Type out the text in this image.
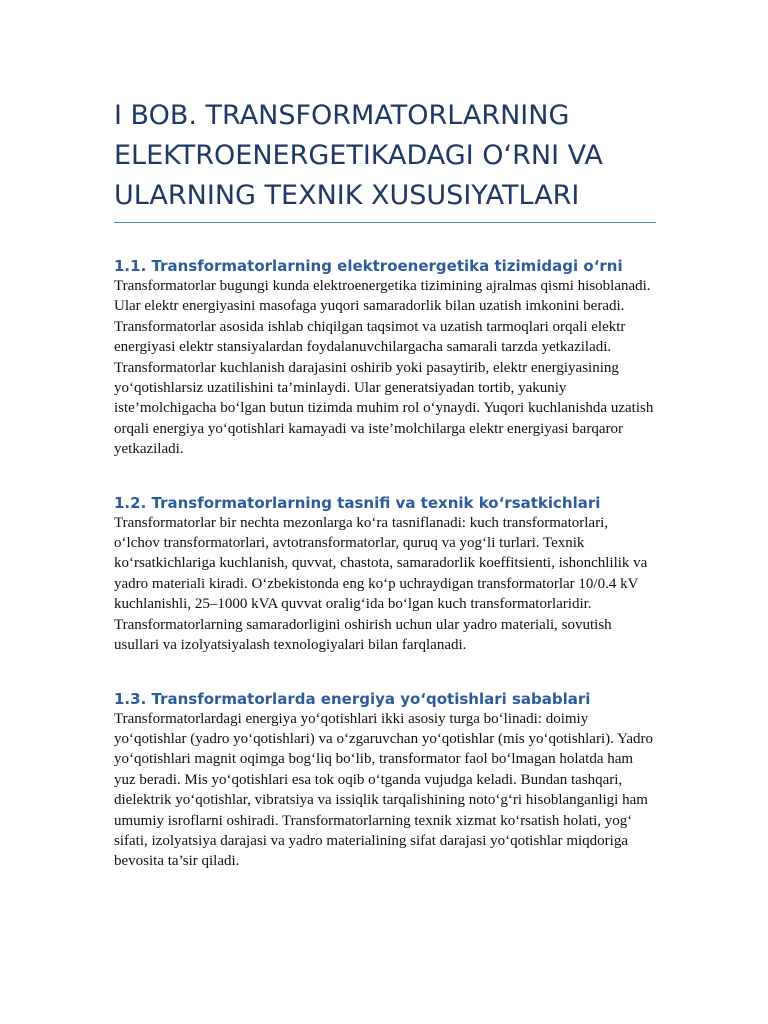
I BOB. TRANSFORMATORLARNING ELEKTROENERGETIKADAGI O‘RNI VA ULARNING TEXNIK XUSUSIYATLARI
1.1. Transformatorlarning elektroenergetika tizimidagi o‘rni

Transformatorlar bugungi kunda elektroenergetika tizimining ajralmas qismi hisoblanadi. Ular elektr energiyasini masofaga yuqori samaradorlik bilan uzatish imkonini beradi. Transformatorlar asosida ishlab chiqilgan taqsimot va uzatish tarmoqlari orqali elektr energiyasi elektr stansiyalardan foydalanuvchilargacha samarali tarzda yetkaziladi. Transformatorlar kuchlanish darajasini oshirib yoki pasaytirib, elektr energiyasining yo‘qotishlarsiz uzatilishini ta’minlaydi. Ular generatsiyadan tortib, yakuniy iste’molchigacha bo‘lgan butun tizimda muhim rol o‘ynaydi. Yuqori kuchlanishda uzatish orqali energiya yo‘qotishlari kamayadi va iste’molchilarga elektr energiyasi barqaror yetkaziladi.

1.2. Transformatorlarning tasnifi va texnik ko‘rsatkichlari

Transformatorlar bir nechta mezonlarga ko‘ra tasniflanadi: kuch transformatorlari, o‘lchov transformatorlari, avtotransformatorlar, quruq va yog‘li turlari. Texnik ko‘rsatkichlariga kuchlanish, quvvat, chastota, samaradorlik koeffitsienti, ishonchlilik va yadro materiali kiradi. O‘zbekistonda eng ko‘p uchraydigan transformatorlar 10/0.4 kV kuchlanishli, 25–1000 kVA quvvat oralig‘ida bo‘lgan kuch transformatorlaridir. Transformatorlarning samaradorligini oshirish uchun ular yadro materiali, sovutish usullari va izolyatsiyalash texnologiyalari bilan farqlanadi.

1.3. Transformatorlarda energiya yo‘qotishlari sabablari

Transformatorlardagi energiya yo‘qotishlari ikki asosiy turga bo‘linadi: doimiy yo‘qotishlar (yadro yo‘qotishlari) va o‘zgaruvchan yo‘qotishlar (mis yo‘qotishlari). Yadro yo‘qotishlari magnit oqimga bog‘liq bo‘lib, transformator faol bo‘lmagan holatda ham yuz beradi. Mis yo‘qotishlari esa tok oqib o‘tganda vujudga keladi. Bundan tashqari, dielektrik yo‘qotishlar, vibratsiya va issiqlik tarqalishining noto‘g‘ri hisoblanganligi ham umumiy isroflarni oshiradi. Transformatorlarning texnik xizmat ko‘rsatish holati, yog‘ sifati, izolyatsiya darajasi va yadro materialining sifat darajasi yo‘qotishlar miqdoriga bevosita ta’sir qiladi.
